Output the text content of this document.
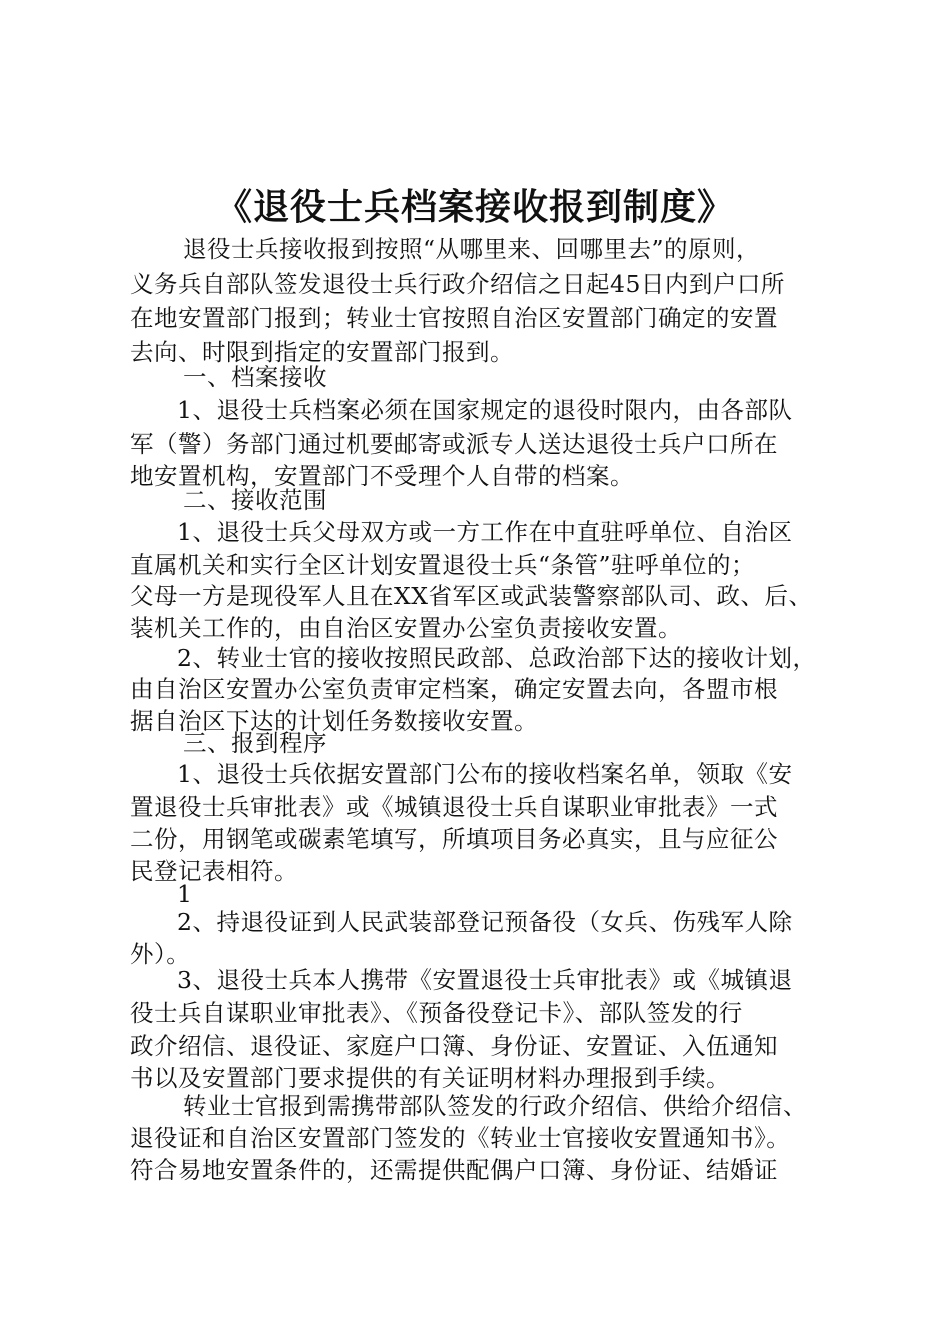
《退役士兵档案接收报到制度》
退役士兵接收报到按照“从哪里来、回哪里去”的原则，
义务兵自部队签发退役士兵行政介绍信之日起45日内到户口所
在地安置部门报到；转业士官按照自治区安置部门确定的安置
去向、时限到指定的安置部门报到。
一、档案接收
1、退役士兵档案必须在国家规定的退役时限内，由各部队
军（警）务部门通过机要邮寄或派专人送达退役士兵户口所在
地安置机构，安置部门不受理个人自带的档案。
二、接收范围
1、退役士兵父母双方或一方工作在中直驻呼单位、自治区
直属机关和实行全区计划安置退役士兵“条管”驻呼单位的；
父母一方是现役军人且在XX省军区或武装警察部队司、政、后、
装机关工作的，由自治区安置办公室负责接收安置。
2、转业士官的接收按照民政部、总政治部下达的接收计划，
由自治区安置办公室负责审定档案，确定安置去向，各盟市根
据自治区下达的计划任务数接收安置。
三、报到程序
1、退役士兵依据安置部门公布的接收档案名单，领取《安
置退役士兵审批表》或《城镇退役士兵自谋职业审批表》一式
二份，用钢笔或碳素笔填写，所填项目务必真实，且与应征公
民登记表相符。
1
2、持退役证到人民武装部登记预备役（女兵、伤残军人除
外）。
3、退役士兵本人携带《安置退役士兵审批表》或《城镇退
役士兵自谋职业审批表》、《预备役登记卡》、部队签发的行
政介绍信、退役证、家庭户口簿、身份证、安置证、入伍通知
书以及安置部门要求提供的有关证明材料办理报到手续。
转业士官报到需携带部队签发的行政介绍信、供给介绍信、
退役证和自治区安置部门签发的《转业士官接收安置通知书》。
符合易地安置条件的，还需提供配偶户口簿、身份证、结婚证
